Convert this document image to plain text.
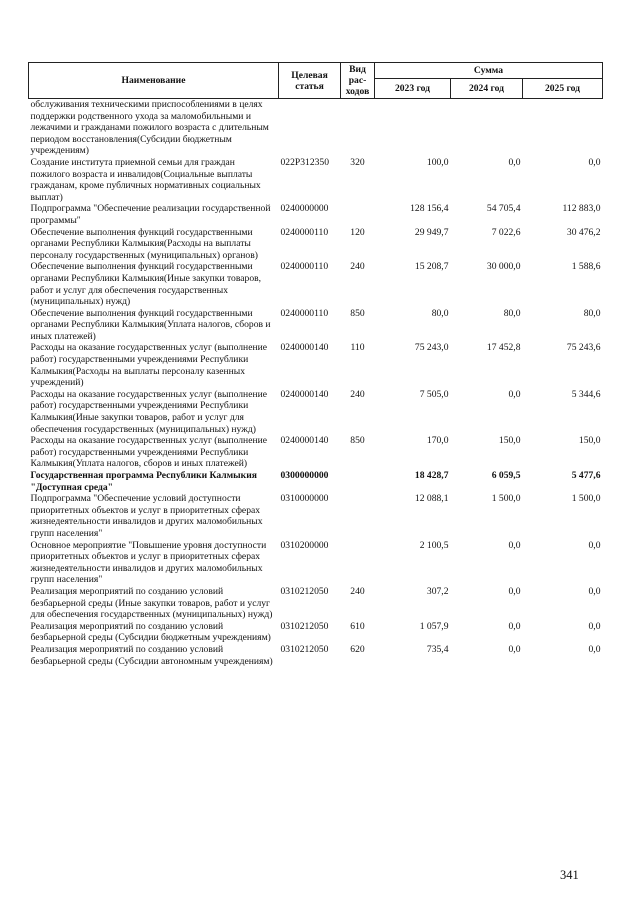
Наименование	Целевая статья	Вид рас- ходов	Сумма		
			2023 год	2024 год	2025 год
обслуживания техническими приспособлениями в целях поддержки родственного ухода за маломобильными и лежачими и гражданами пожилого возраста с длительным периодом восстановления(Субсидии бюджетным учреждениям)					
Создание института приемной семьи для граждан пожилого возраста и инвалидов(Социальные выплаты гражданам, кроме публичных нормативных социальных выплат)	022P312350	320	100,0	0,0	0,0
Подпрограмма "Обеспечение реализации государственной программы"	0240000000		128 156,4	54 705,4	112 883,0
Обеспечение выполнения функций государственными органами Республики Калмыкия(Расходы на выплаты персоналу государственных (муниципальных) органов)	0240000110	120	29 949,7	7 022,6	30 476,2
Обеспечение выполнения функций государственными органами Республики Калмыкия(Иные закупки товаров, работ и услуг для обеспечения государственных (муниципальных) нужд)	0240000110	240	15 208,7	30 000,0	1 588,6
Обеспечение выполнения функций государственными органами Республики Калмыкия(Уплата налогов, сборов и иных платежей)	0240000110	850	80,0	80,0	80,0
Расходы на оказание государственных услуг (выполнение работ) государственными учреждениями Республики Калмыкия(Расходы на выплаты персоналу казенных учреждений)	0240000140	110	75 243,0	17 452,8	75 243,6
Расходы на оказание государственных услуг (выполнение работ) государственными учреждениями Республики Калмыкия(Иные закупки товаров, работ и услуг для обеспечения государственных (муниципальных) нужд)	0240000140	240	7 505,0	0,0	5 344,6
Расходы на оказание государственных услуг (выполнение работ) государственными учреждениями Республики Калмыкия(Уплата налогов, сборов и иных платежей)	0240000140	850	170,0	150,0	150,0
Государственная программа Республики Калмыкия "Доступная среда"	0300000000		18 428,7	6 059,5	5 477,6
Подпрограмма "Обеспечение условий доступности приоритетных объектов и услуг в приоритетных сферах жизнедеятельности инвалидов и других маломобильных групп населения"	0310000000		12 088,1	1 500,0	1 500,0
Основное мероприятие "Повышение уровня доступности приоритетных объектов и услуг в приоритетных сферах жизнедеятельности инвалидов и других маломобильных групп населения"	0310200000		2 100,5	0,0	0,0
Реализация мероприятий по созданию условий безбарьерной среды (Иные закупки товаров, работ и услуг для обеспечения государственных (муниципальных) нужд)	0310212050	240	307,2	0,0	0,0
Реализация мероприятий по созданию условий безбарьерной среды (Субсидии бюджетным учреждениям)	0310212050	610	1 057,9	0,0	0,0
Реализация мероприятий по созданию условий безбарьерной среды (Субсидии автономным учреждениям)	0310212050	620	735,4	0,0	0,0
341
